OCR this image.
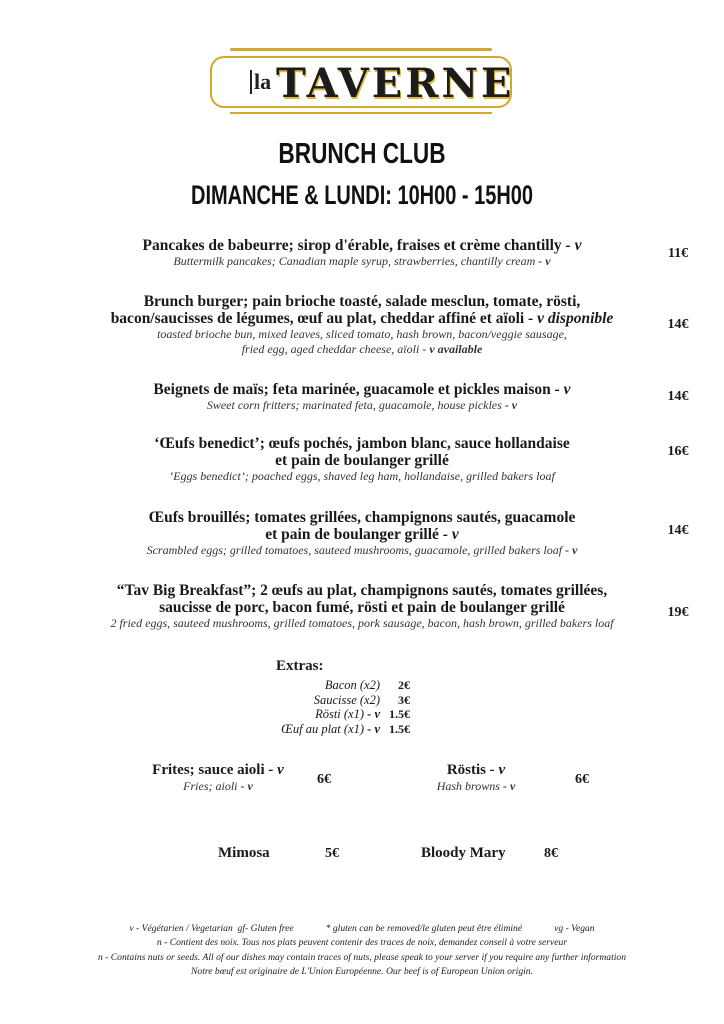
la TAVERNE
BRUNCH CLUB
DIMANCHE & LUNDI: 10H00 - 15H00
Pancakes de babeurre; sirop d'érable, fraises et crème chantilly - v
Buttermilk pancakes; Canadian maple syrup, strawberries, chantilly cream - v	11€
Brunch burger; pain brioche toasté, salade mesclun, tomate, rösti,
bacon/saucisses de légumes, œuf au plat, cheddar affiné et aïoli - v disponible
toasted brioche bun, mixed leaves, sliced tomato, hash brown, bacon/veggie sausage,
fried egg, aged cheddar cheese, aïoli - v available
14€
Beignets de maïs; feta marinée, guacamole et pickles maison - v
Sweet corn fritters; marinated feta, guacamole, house pickles - v
14€
‘Œufs benedict’; œufs pochés, jambon blanc, sauce hollandaise
et pain de boulanger grillé
‘Eggs benedict’; poached eggs, shaved leg ham, hollandaise, grilled bakers loaf
16€
Œufs brouillés; tomates grillées, champignons sautés, guacamole
et pain de boulanger grillé - v
Scrambled eggs; grilled tomatoes, sauteed mushrooms, guacamole, grilled bakers loaf - v
14€
“Tav Big Breakfast”; 2 œufs au plat, champignons sautés, tomates grillées,
saucisse de porc, bacon fumé, rösti et pain de boulanger grillé
2 fried eggs, sauteed mushrooms, grilled tomatoes, pork sausage, bacon, hash brown, grilled bakers loaf
19€
Extras:
Bacon (x2)	2€
Saucisse (x2)	3€
Rösti (x1) - v 1.5€
Œuf au plat (x1) - v 1.5€
Frites; sauce aioli - v
Fries; aioli - v	6€
Röstis - v
Hash browns - v	6€
Mimosa	5€	Bloody Mary	8€
v - Végétarien / Vegetarian gf- Gluten free	* gluten can be removed/le gluten peut être éliminé	vg - Vegan
n - Contient des noix. Tous nos plats peuvent contenir des traces de noix, demandez conseil à votre serveur
n - Contains nuts or seeds. All of our dishes may contain traces of nuts, please speak to your server if you require any further information
Notre bœuf est originaire de L'Union Européenne. Our beef is of European Union origin.
